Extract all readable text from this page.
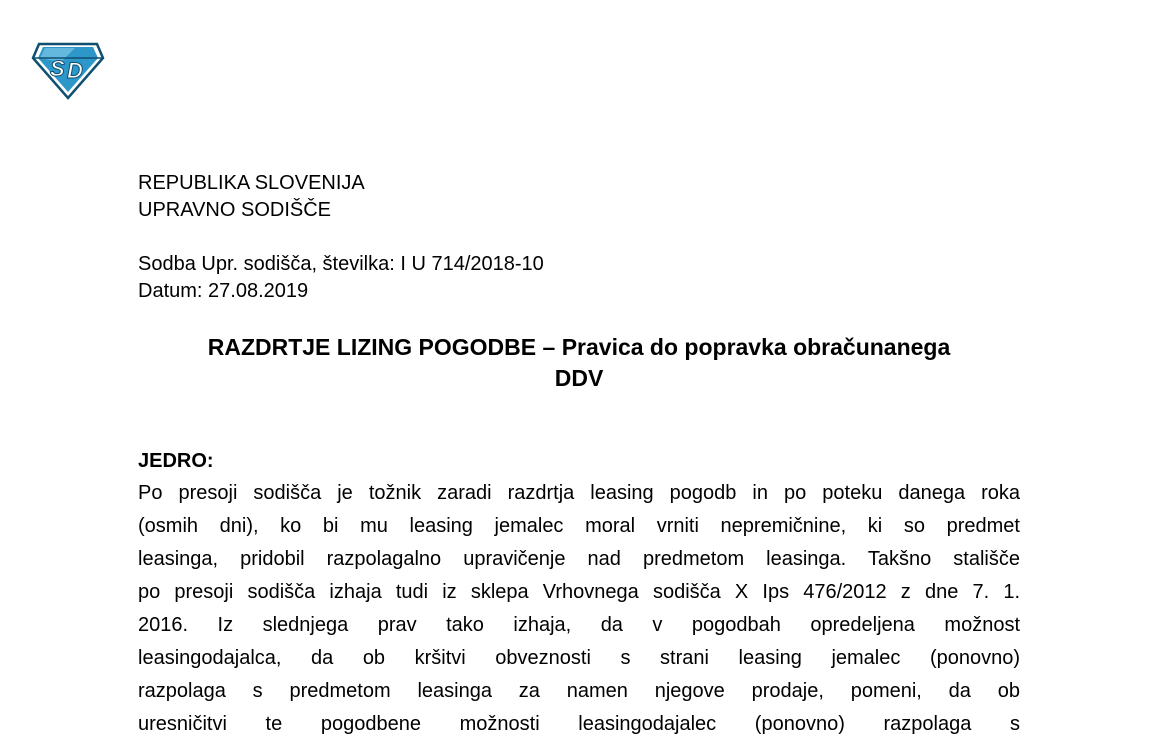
S D
REPUBLIKA SLOVENIJA
UPRAVNO SODIŠČE
Sodba Upr. sodišča, številka: I U 714/2018-10
Datum: 27.08.2019
RAZDRTJE LIZING POGODBE – Pravica do popravka obračunanega
DDV
JEDRO:
Po presoji sodišča je tožnik zaradi razdrtja leasing pogodb in po poteku danega roka
(osmih dni), ko bi mu leasing jemalec moral vrniti nepremičnine, ki so predmet
leasinga, pridobil razpolagalno upravičenje nad predmetom leasinga. Takšno stališče
po presoji sodišča izhaja tudi iz sklepa Vrhovnega sodišča X Ips 476/2012 z dne 7. 1.
2016. Iz slednjega prav tako izhaja, da v pogodbah opredeljena možnost
leasingodajalca, da ob kršitvi obveznosti s strani leasing jemalec (ponovno)
razpolaga s predmetom leasinga za namen njegove prodaje, pomeni, da ob
uresničitvi te pogodbene možnosti leasingodajalec (ponovno) razpolaga s
